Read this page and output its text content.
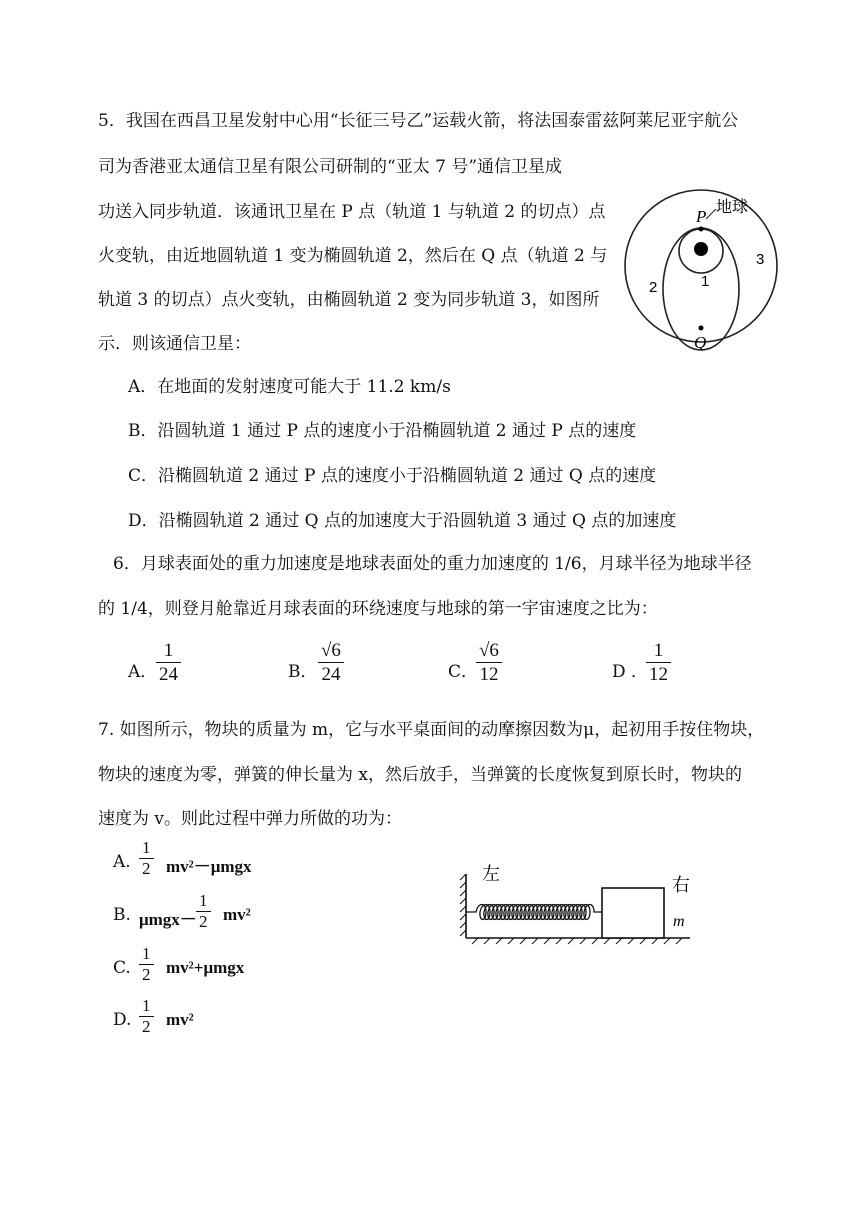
5．我国在西昌卫星发射中心用“长征三号乙”运载火箭，将法国泰雷兹阿莱尼亚宇航公
司为香港亚太通信卫星有限公司研制的“亚太 7 号”通信卫星成
功送入同步轨道．该通讯卫星在 P 点（轨道 1 与轨道 2 的切点）点
火变轨，由近地圆轨道 1 变为椭圆轨道 2，然后在 Q 点（轨道 2 与
轨道 3 的切点）点火变轨，由椭圆轨道 2 变为同步轨道 3，如图所
示．则该通信卫星：
P
地球
1
2
3
Q
A．在地面的发射速度可能大于 11.2 km/s
B．沿圆轨道 1 通过 P 点的速度小于沿椭圆轨道 2 通过 P 点的速度
C．沿椭圆轨道 2 通过 P 点的速度小于沿椭圆轨道 2 通过 Q 点的速度
D．沿椭圆轨道 2 通过 Q 点的加速度大于沿圆轨道 3 通过 Q 点的加速度
6．月球表面处的重力加速度是地球表面处的重力加速度的 1/6，月球半径为地球半径
的 1/4，则登月舱靠近月球表面的环绕速度与地球的第一宇宙速度之比为：
A．
1
24	B．
√6
24	C．
√6
12	D ．
1
12
7. 如图所示，物块的质量为 m，它与水平桌面间的动摩擦因数为μ，起初用手按住物块，
物块的速度为零，弹簧的伸长量为 x，然后放手，当弹簧的长度恢复到原长时，物块的
速度为 v。则此过程中弹力所做的功为：
A.
1
2 mv²－μmgx
B. μmgx－
1
2 mv²
C.
1
2 mv²+μmgx
D.
1
2 mv²
左
右
m
